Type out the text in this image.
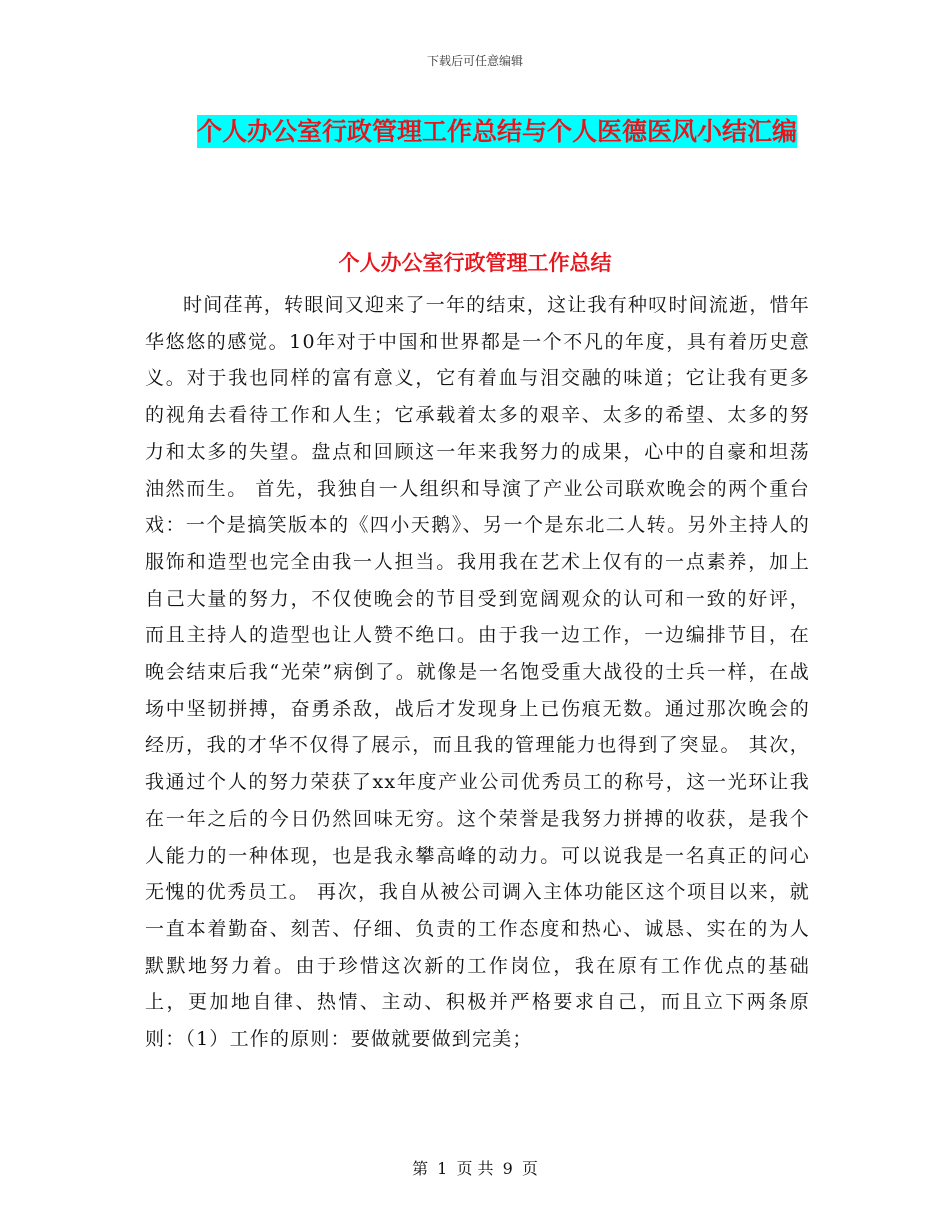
下载后可任意编辑
个人办公室行政管理工作总结与个人医德医风小结汇编
个人办公室行政管理工作总结

时间荏苒，转眼间又迎来了一年的结束，这让我有种叹时间流逝，惜年华悠悠的感觉。10年对于中国和世界都是一个不凡的年度，具有着历史意义。对于我也同样的富有意义，它有着血与泪交融的味道；它让我有更多的视角去看待工作和人生；它承载着太多的艰辛、太多的希望、太多的努力和太多的失望。盘点和回顾这一年来我努力的成果，心中的自豪和坦荡油然而生。 首先，我独自一人组织和导演了产业公司联欢晚会的两个重台戏：一个是搞笑版本的《四小天鹅》、另一个是东北二人转。另外主持人的服饰和造型也完全由我一人担当。我用我在艺术上仅有的一点素养，加上自己大量的努力，不仅使晚会的节目受到宽阔观众的认可和一致的好评，而且主持人的造型也让人赞不绝口。由于我一边工作，一边编排节目，在晚会结束后我“光荣”病倒了。就像是一名饱受重大战役的士兵一样，在战场中坚韧拼搏，奋勇杀敌，战后才发现身上已伤痕无数。通过那次晚会的经历，我的才华不仅得了展示，而且我的管理能力也得到了突显。 其次，我通过个人的努力荣获了xx年度产业公司优秀员工的称号，这一光环让我在一年之后的今日仍然回味无穷。这个荣誉是我努力拼搏的收获，是我个人能力的一种体现，也是我永攀高峰的动力。可以说我是一名真正的问心无愧的优秀员工。 再次，我自从被公司调入主体功能区这个项目以来，就一直本着勤奋、刻苦、仔细、负责的工作态度和热心、诚恳、实在的为人默默地努力着。由于珍惜这次新的工作岗位，我在原有工作优点的基础上，更加地自律、热情、主动、积极并严格要求自己，而且立下两条原则：（1）工作的原则：要做就要做到完美；

第 1 页 共 9 页
